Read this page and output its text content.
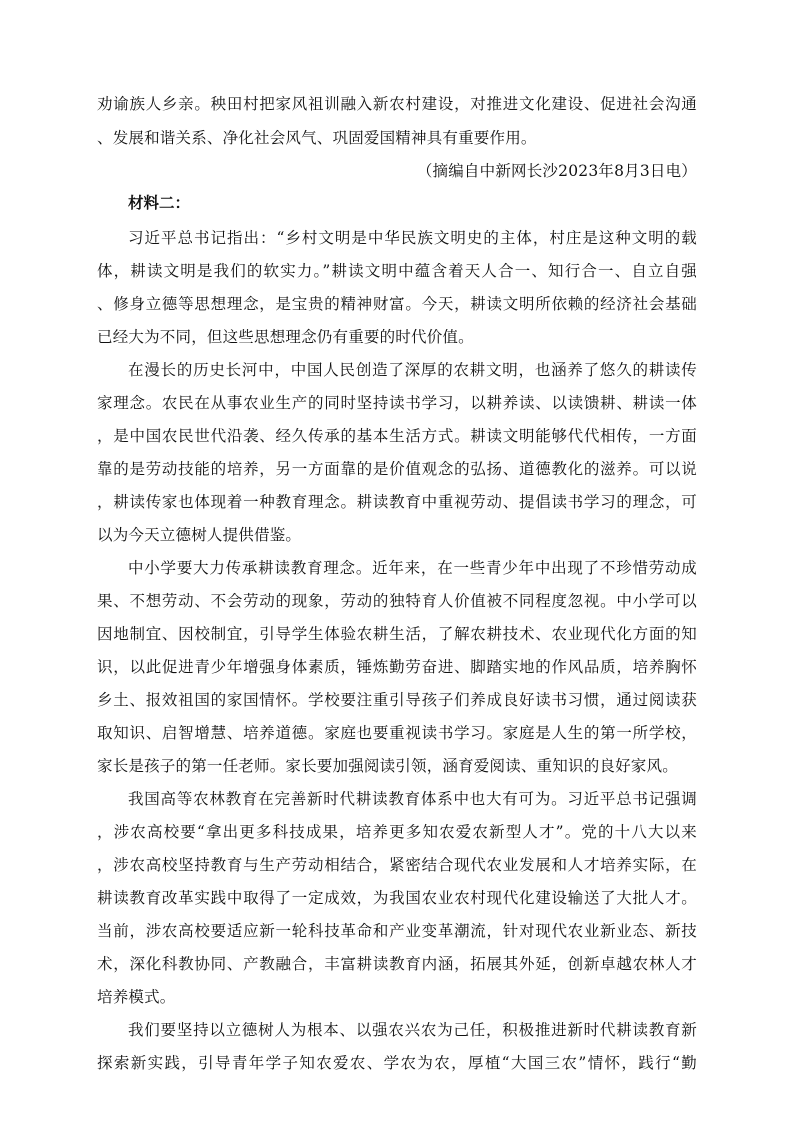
劝谕族人乡亲。秧田村把家风祖训融入新农村建设，对推进文化建设、促进社会沟通
、发展和谐关系、净化社会风气、巩固爱国精神具有重要作用。
（摘编自中新网长沙2023年8月3日电）
材料二：
习近平总书记指出：“乡村文明是中华民族文明史的主体，村庄是这种文明的载
体，耕读文明是我们的软实力。”耕读文明中蕴含着天人合一、知行合一、自立自强
、修身立德等思想理念，是宝贵的精神财富。今天，耕读文明所依赖的经济社会基础
已经大为不同，但这些思想理念仍有重要的时代价值。
在漫长的历史长河中，中国人民创造了深厚的农耕文明，也涵养了悠久的耕读传
家理念。农民在从事农业生产的同时坚持读书学习，以耕养读、以读馈耕、耕读一体
，是中国农民世代沿袭、经久传承的基本生活方式。耕读文明能够代代相传，一方面
靠的是劳动技能的培养，另一方面靠的是价值观念的弘扬、道德教化的滋养。可以说
，耕读传家也体现着一种教育理念。耕读教育中重视劳动、提倡读书学习的理念，可
以为今天立德树人提供借鉴。
中小学要大力传承耕读教育理念。近年来，在一些青少年中出现了不珍惜劳动成
果、不想劳动、不会劳动的现象，劳动的独特育人价值被不同程度忽视。中小学可以
因地制宜、因校制宜，引导学生体验农耕生活，了解农耕技术、农业现代化方面的知
识，以此促进青少年增强身体素质，锤炼勤劳奋进、脚踏实地的作风品质，培养胸怀
乡土、报效祖国的家国情怀。学校要注重引导孩子们养成良好读书习惯，通过阅读获
取知识、启智增慧、培养道德。家庭也要重视读书学习。家庭是人生的第一所学校，
家长是孩子的第一任老师。家长要加强阅读引领，涵育爱阅读、重知识的良好家风。
我国高等农林教育在完善新时代耕读教育体系中也大有可为。习近平总书记强调
，涉农高校要“拿出更多科技成果，培养更多知农爱农新型人才”。党的十八大以来
，涉农高校坚持教育与生产劳动相结合，紧密结合现代农业发展和人才培养实际，在
耕读教育改革实践中取得了一定成效，为我国农业农村现代化建设输送了大批人才。
当前，涉农高校要适应新一轮科技革命和产业变革潮流，针对现代农业新业态、新技
术，深化科教协同、产教融合，丰富耕读教育内涵，拓展其外延，创新卓越农林人才
培养模式。
我们要坚持以立德树人为根本、以强农兴农为己任，积极推进新时代耕读教育新
探索新实践，引导青年学子知农爱农、学农为农，厚植“大国三农”情怀，践行“勤
